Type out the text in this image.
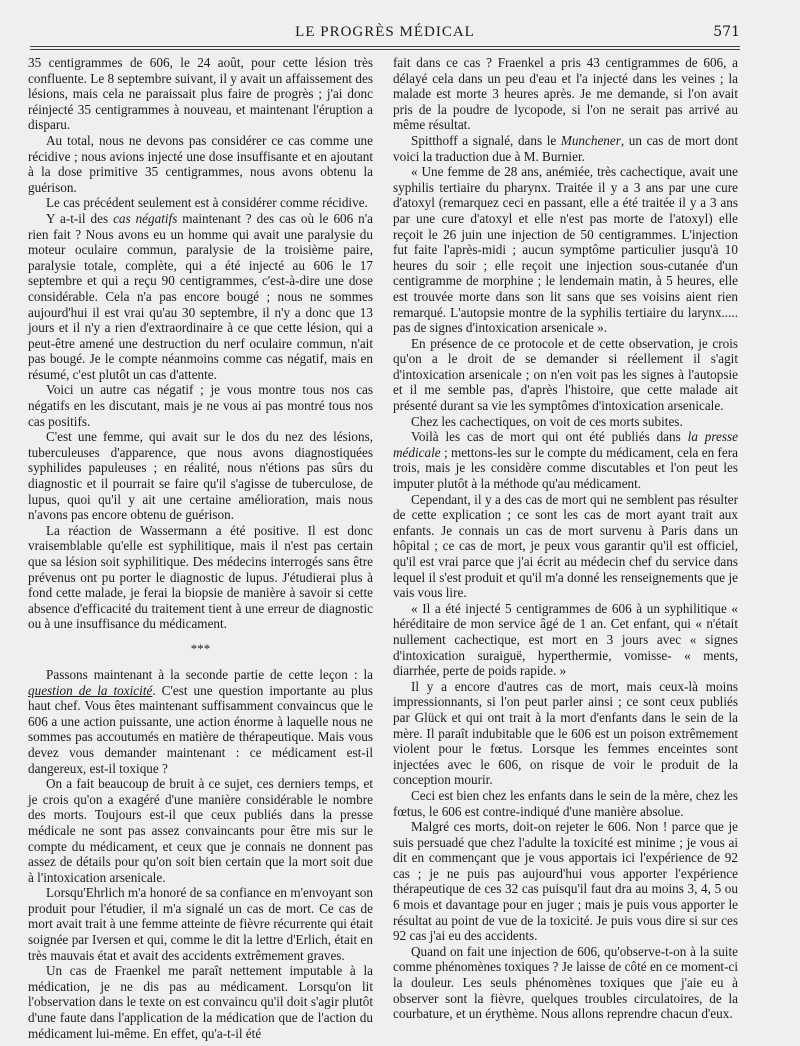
LE PROGRÈS MÉDICAL	571

35 centigrammes de 606, le 24 août, pour cette lésion très confluente. Le 8 septembre suivant, il y avait un affaissement des lésions, mais cela ne paraissait plus faire de progrès ; j'ai donc réinjecté 35 centigrammes à nouveau, et maintenant l'éruption a disparu.

Au total, nous ne devons pas considérer ce cas comme une récidive ; nous avions injecté une dose insuffisante et en ajoutant à la dose primitive 35 centigrammes, nous avons obtenu la guérison.

Le cas précédent seulement est à considérer comme récidive.

Y a-t-il des cas négatifs maintenant ? des cas où le 606 n'a rien fait ? Nous avons eu un homme qui avait une paralysie du moteur oculaire commun, paralysie de la troisième paire, paralysie totale, complète, qui a été injecté au 606 le 17 septembre et qui a reçu 90 centigrammes, c'est-à-dire une dose considérable. Cela n'a pas encore bougé ; nous ne sommes aujourd'hui il est vrai qu'au 30 septembre, il n'y a donc que 13 jours et il n'y a rien d'extraordinaire à ce que cette lésion, qui a peut-être amené une destruction du nerf oculaire commun, n'ait pas bougé. Je le compte néanmoins comme cas négatif, mais en résumé, c'est plutôt un cas d'attente.

Voici un autre cas négatif ; je vous montre tous nos cas négatifs en les discutant, mais je ne vous ai pas montré tous nos cas positifs.

C'est une femme, qui avait sur le dos du nez des lésions, tuberculeuses d'apparence, que nous avons diagnostiquées syphilides papuleuses ; en réalité, nous n'étions pas sûrs du diagnostic et il pourrait se faire qu'il s'agisse de tuberculose, de lupus, quoi qu'il y ait une certaine amélioration, mais nous n'avons pas encore obtenu de guérison.

La réaction de Wassermann a été positive. Il est donc vraisemblable qu'elle est syphilitique, mais il n'est pas certain que sa lésion soit syphilitique. Des médecins interrogés sans être prévenus ont pu porter le diagnostic de lupus. J'étudierai plus à fond cette malade, je ferai la biopsie de manière à savoir si cette absence d'efficacité du traitement tient à une erreur de diagnostic ou à une insuffisance du médicament.

***

Passons maintenant à la seconde partie de cette leçon : la question de la toxicité. C'est une question importante au plus haut chef. Vous êtes maintenant suffisamment convaincus que le 606 a une action puissante, une action énorme à laquelle nous ne sommes pas accoutumés en matière de thérapeutique. Mais vous devez vous demander maintenant : ce médicament est-il dangereux, est-il toxique ?

On a fait beaucoup de bruit à ce sujet, ces derniers temps, et je crois qu'on a exagéré d'une manière considérable le nombre des morts. Toujours est-il que ceux publiés dans la presse médicale ne sont pas assez convaincants pour être mis sur le compte du médicament, et ceux que je connais ne donnent pas assez de détails pour qu'on soit bien certain que la mort soit due à l'intoxication arsenicale.

Lorsqu'Ehrlich m'a honoré de sa confiance en m'envoyant son produit pour l'étudier, il m'a signalé un cas de mort. Ce cas de mort avait trait à une femme atteinte de fièvre récurrente qui était soignée par Iversen et qui, comme le dit la lettre d'Erlich, était en très mauvais état et avait des accidents extrêmement graves.

Un cas de Fraenkel me paraît nettement imputable à la médication, je ne dis pas au médicament. Lorsqu'on lit l'observation dans le texte on est convaincu qu'il doit s'agir plutôt d'une faute dans l'application de la médication que de l'action du médicament lui-même. En effet, qu'a-t-il été

fait dans ce cas ? Fraenkel a pris 43 centigrammes de 606, a délayé cela dans un peu d'eau et l'a injecté dans les veines ; la malade est morte 3 heures après. Je me demande, si l'on avait pris de la poudre de lycopode, si l'on ne serait pas arrivé au même résultat.

Spitthoff a signalé, dans le Munchener, un cas de mort dont voici la traduction due à M. Burnier.

« Une femme de 28 ans, anémiée, très cachectique, avait une syphilis tertiaire du pharynx. Traitée il y a 3 ans par une cure d'atoxyl (remarquez ceci en passant, elle a été traitée il y a 3 ans par une cure d'atoxyl et elle n'est pas morte de l'atoxyl) elle reçoit le 26 juin une injection de 50 centigrammes. L'injection fut faite l'après-midi ; aucun symptôme particulier jusqu'à 10 heures du soir ; elle reçoit une injection sous-cutanée d'un centigramme de morphine ; le lendemain matin, à 5 heures, elle est trouvée morte dans son lit sans que ses voisins aient rien remarqué. L'autopsie montre de la syphilis tertiaire du larynx..... pas de signes d'intoxication arsenicale ».

En présence de ce protocole et de cette observation, je crois qu'on a le droit de se demander si réellement il s'agit d'intoxication arsenicale ; on n'en voit pas les signes à l'autopsie et il me semble pas, d'après l'histoire, que cette malade ait présenté durant sa vie les symptômes d'intoxication arsenicale.

Chez les cachectiques, on voit de ces morts subites.

Voilà les cas de mort qui ont été publiés dans la presse médicale ; mettons-les sur le compte du médicament, cela en fera trois, mais je les considère comme discutables et l'on peut les imputer plutôt à la méthode qu'au médicament.

Cependant, il y a des cas de mort qui ne semblent pas résulter de cette explication ; ce sont les cas de mort ayant trait aux enfants. Je connais un cas de mort survenu à Paris dans un hôpital ; ce cas de mort, je peux vous garantir qu'il est officiel, qu'il est vrai parce que j'ai écrit au médecin chef du service dans lequel il s'est produit et qu'il m'a donné les renseignements que je vais vous lire.

« Il a été injecté 5 centigrammes de 606 à un syphilitique « héréditaire de mon service âgé de 1 an. Cet enfant, qui « n'était nullement cachectique, est mort en 3 jours avec « signes d'intoxication suraiguë, hyperthermie, vomisse- « ments, diarrhée, perte de poids rapide. »

Il y a encore d'autres cas de mort, mais ceux-là moins impressionnants, si l'on peut parler ainsi ; ce sont ceux publiés par Glück et qui ont trait à la mort d'enfants dans le sein de la mère. Il paraît indubitable que le 606 est un poison extrêmement violent pour le fœtus. Lorsque les femmes enceintes sont injectées avec le 606, on risque de voir le produit de la conception mourir.

Ceci est bien chez les enfants dans le sein de la mère, chez les fœtus, le 606 est contre-indiqué d'une manière absolue.

Malgré ces morts, doit-on rejeter le 606. Non ! parce que je suis persuadé que chez l'adulte la toxicité est minime ; je vous ai dit en commençant que je vous apportais ici l'expérience de 92 cas ; je ne puis pas aujourd'hui vous apporter l'expérience thérapeutique de ces 32 cas puisqu'il faut dra au moins 3, 4, 5 ou 6 mois et davantage pour en juger ; mais je puis vous apporter le résultat au point de vue de la toxicité. Je puis vous dire si sur ces 92 cas j'ai eu des accidents.

Quand on fait une injection de 606, qu'observe-t-on à la suite comme phénomènes toxiques ? Je laisse de côté en ce moment-ci la douleur. Les seuls phénomènes toxiques que j'aie eu à observer sont la fièvre, quelques troubles circulatoires, de la courbature, et un érythème. Nous allons reprendre chacun d'eux.
